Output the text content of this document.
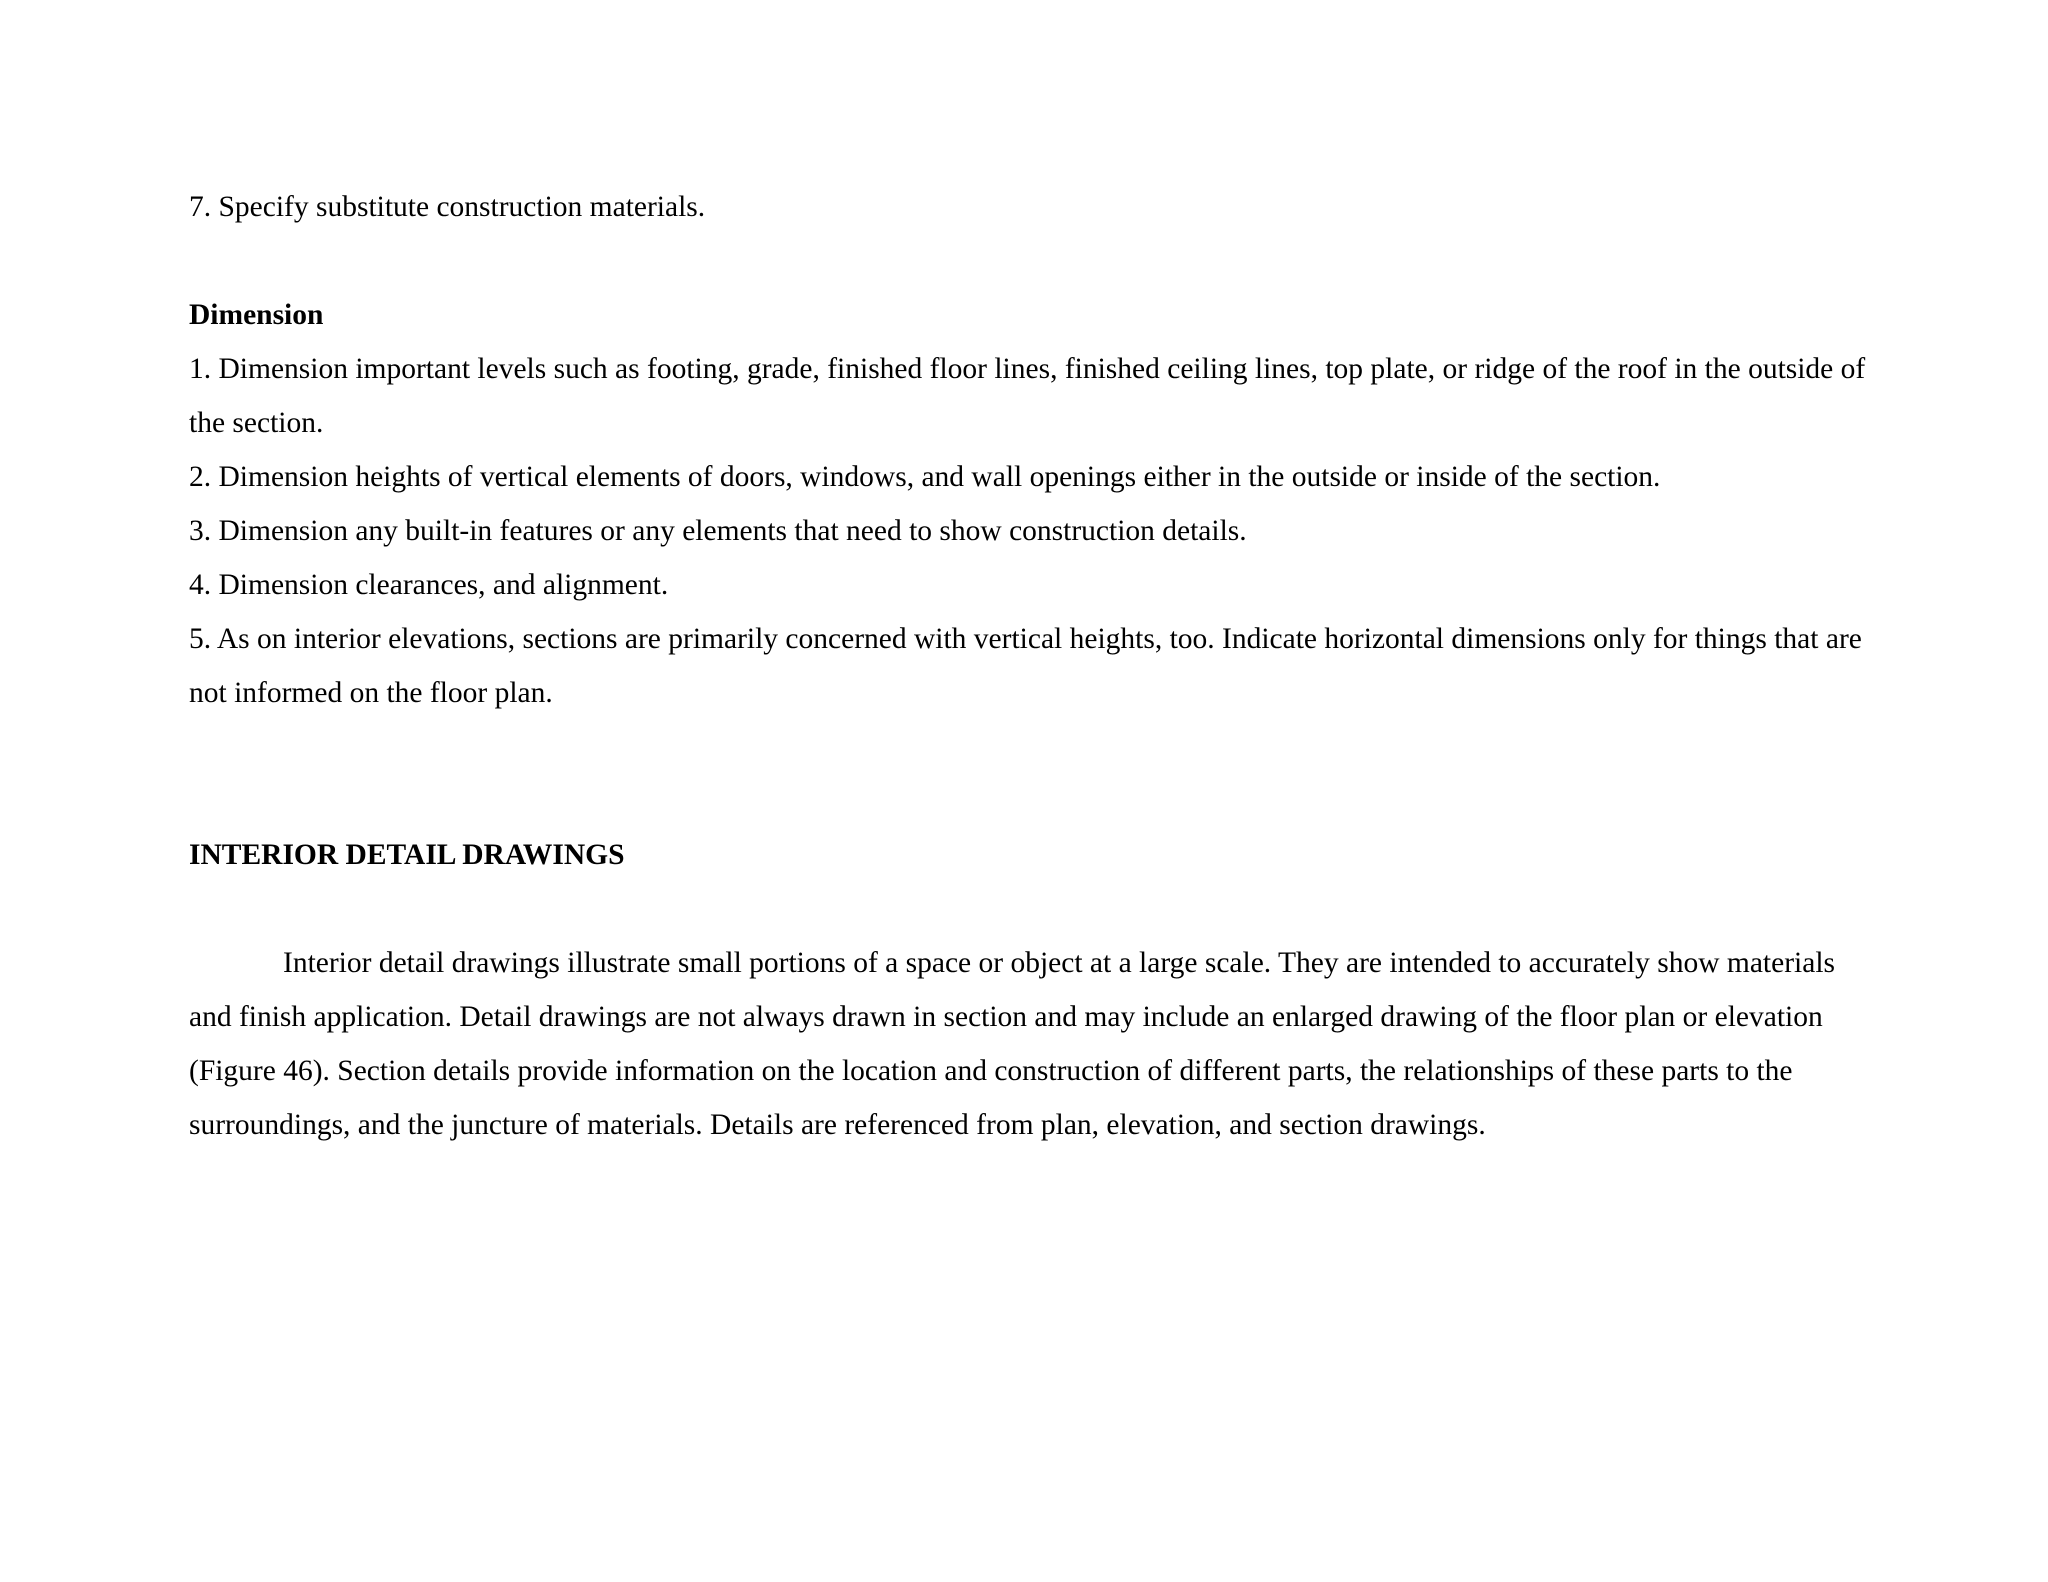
7. Specify substitute construction materials.

Dimension

1. Dimension important levels such as footing, grade, finished floor lines, finished ceiling lines, top plate, or ridge of the roof in the outside of the section.

2. Dimension heights of vertical elements of doors, windows, and wall openings either in the outside or inside of the section.

3. Dimension any built-in features or any elements that need to show construction details.

4. Dimension clearances, and alignment.

5. As on interior elevations, sections are primarily concerned with vertical heights, too. Indicate horizontal dimensions only for things that are not informed on the floor plan.

INTERIOR DETAIL DRAWINGS

Interior detail drawings illustrate small portions of a space or object at a large scale. They are intended to accurately show materials and finish application. Detail drawings are not always drawn in section and may include an enlarged drawing of the floor plan or elevation (Figure 46). Section details provide information on the location and construction of different parts, the relationships of these parts to the surroundings, and the juncture of materials. Details are referenced from plan, elevation, and section drawings.
